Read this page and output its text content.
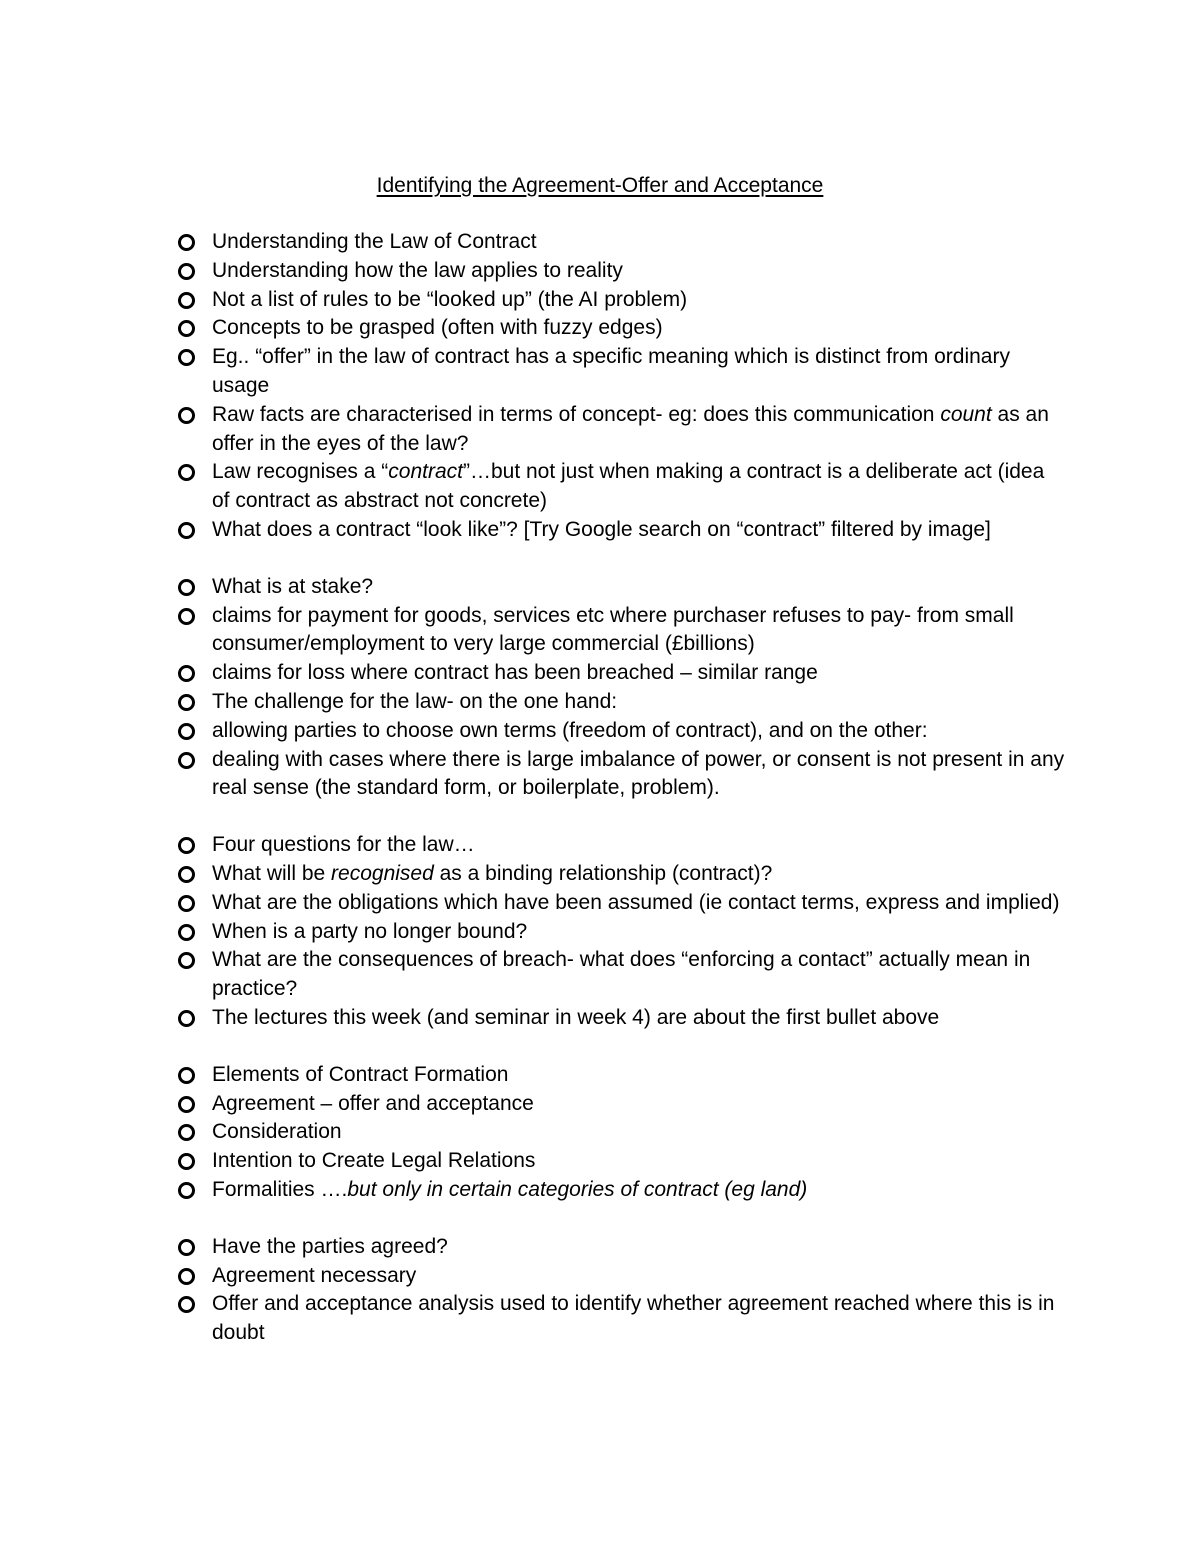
Identifying the Agreement-Offer and Acceptance
Understanding the Law of Contract
Understanding how the law applies to reality
Not a list of rules to be “looked up” (the AI problem)
Concepts to be grasped (often with fuzzy edges)
Eg.. “offer” in the law of contract has a specific meaning which is distinct from ordinary usage
Raw facts are characterised in terms of concept- eg: does this communication count as an offer in the eyes of the law?
Law recognises a “contract”…but not just when making a contract is a deliberate act (idea of contract as abstract not concrete)
What does a contract “look like”? [Try Google search on “contract” filtered by image]
What is at stake?
claims for payment for goods, services etc where purchaser refuses to pay- from small consumer/employment to very large commercial (£billions)
claims for loss where contract has been breached – similar range
The challenge for the law- on the one hand:
allowing parties to choose own terms (freedom of contract), and on the other:
dealing with cases where there is large imbalance of power, or consent is not present in any real sense (the standard form, or boilerplate, problem).
Four questions for the law…
What will be recognised as a binding relationship (contract)?
What are the obligations which have been assumed (ie contact terms, express and implied)
When is a party no longer bound?
What are the consequences of breach- what does “enforcing a contact” actually mean in practice?
The lectures this week (and seminar in week 4) are about the first bullet above
Elements of Contract Formation
Agreement – offer and acceptance
Consideration
Intention to Create Legal Relations
Formalities ….but only in certain categories of contract (eg land)
Have the parties agreed?
Agreement necessary
Offer and acceptance analysis used to identify whether agreement reached where this is in doubt
